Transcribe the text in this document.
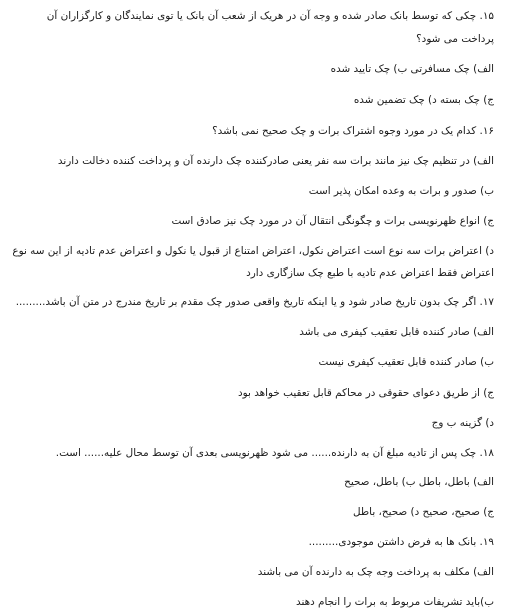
۱۵. چکی که توسط بانک صادر شده و وجه آن در هریک از شعب آن بانک یا توی نمایندگان و کارگزاران آن
پرداخت می شود؟
الف) چک مسافرتی ب) چک تایید شده
ج) چک بسته د) چک تضمین شده
۱۶. کدام یک در مورد وجوه اشتراک برات و چک صحیح نمی باشد؟
الف) در تنظیم چک نیز مانند برات سه نفر یعنی صادرکننده چک دارنده آن و پرداخت کننده دخالت دارند
ب) صدور و برات به وعده امکان پذیر است
ج) انواع ظهرنویسی برات و چگونگی انتقال آن در مورد چک نیز صادق است
د) اعتراض برات سه نوع است اعتراض نکول، اعتراض امتناع از قبول یا نکول و اعتراض عدم تادیه از این سه نوع
اعتراض فقط اعتراض عدم تادیه با طبع چک سازگاری دارد
۱۷. اگر چک بدون تاریخ صادر شود و یا اینکه تاریخ واقعی صدور چک مقدم بر تاریخ مندرج در متن آن باشد.........
الف) صادر کننده قابل تعقیب کیفری می باشد
ب) صادر کننده قابل تعقیب کیفری نیست
ج) از طریق دعوای حقوقی در محاکم قابل تعقیب خواهد بود
د) گزینه ب وج
۱۸. چک پس از تادیه مبلغ آن به دارنده...... می شود ظهرنویسی بعدی آن توسط محال علیه...... است.
الف) باطل، باطل ب) باطل، صحیح
ج) صحیح، صحیح د) صحیح، باطل
۱۹. بانک ها به فرض داشتن موجودی.........
الف) مکلف به پرداخت وجه چک به دارنده آن می باشند
ب)باید تشریفات مربوط به برات را انجام دهند
